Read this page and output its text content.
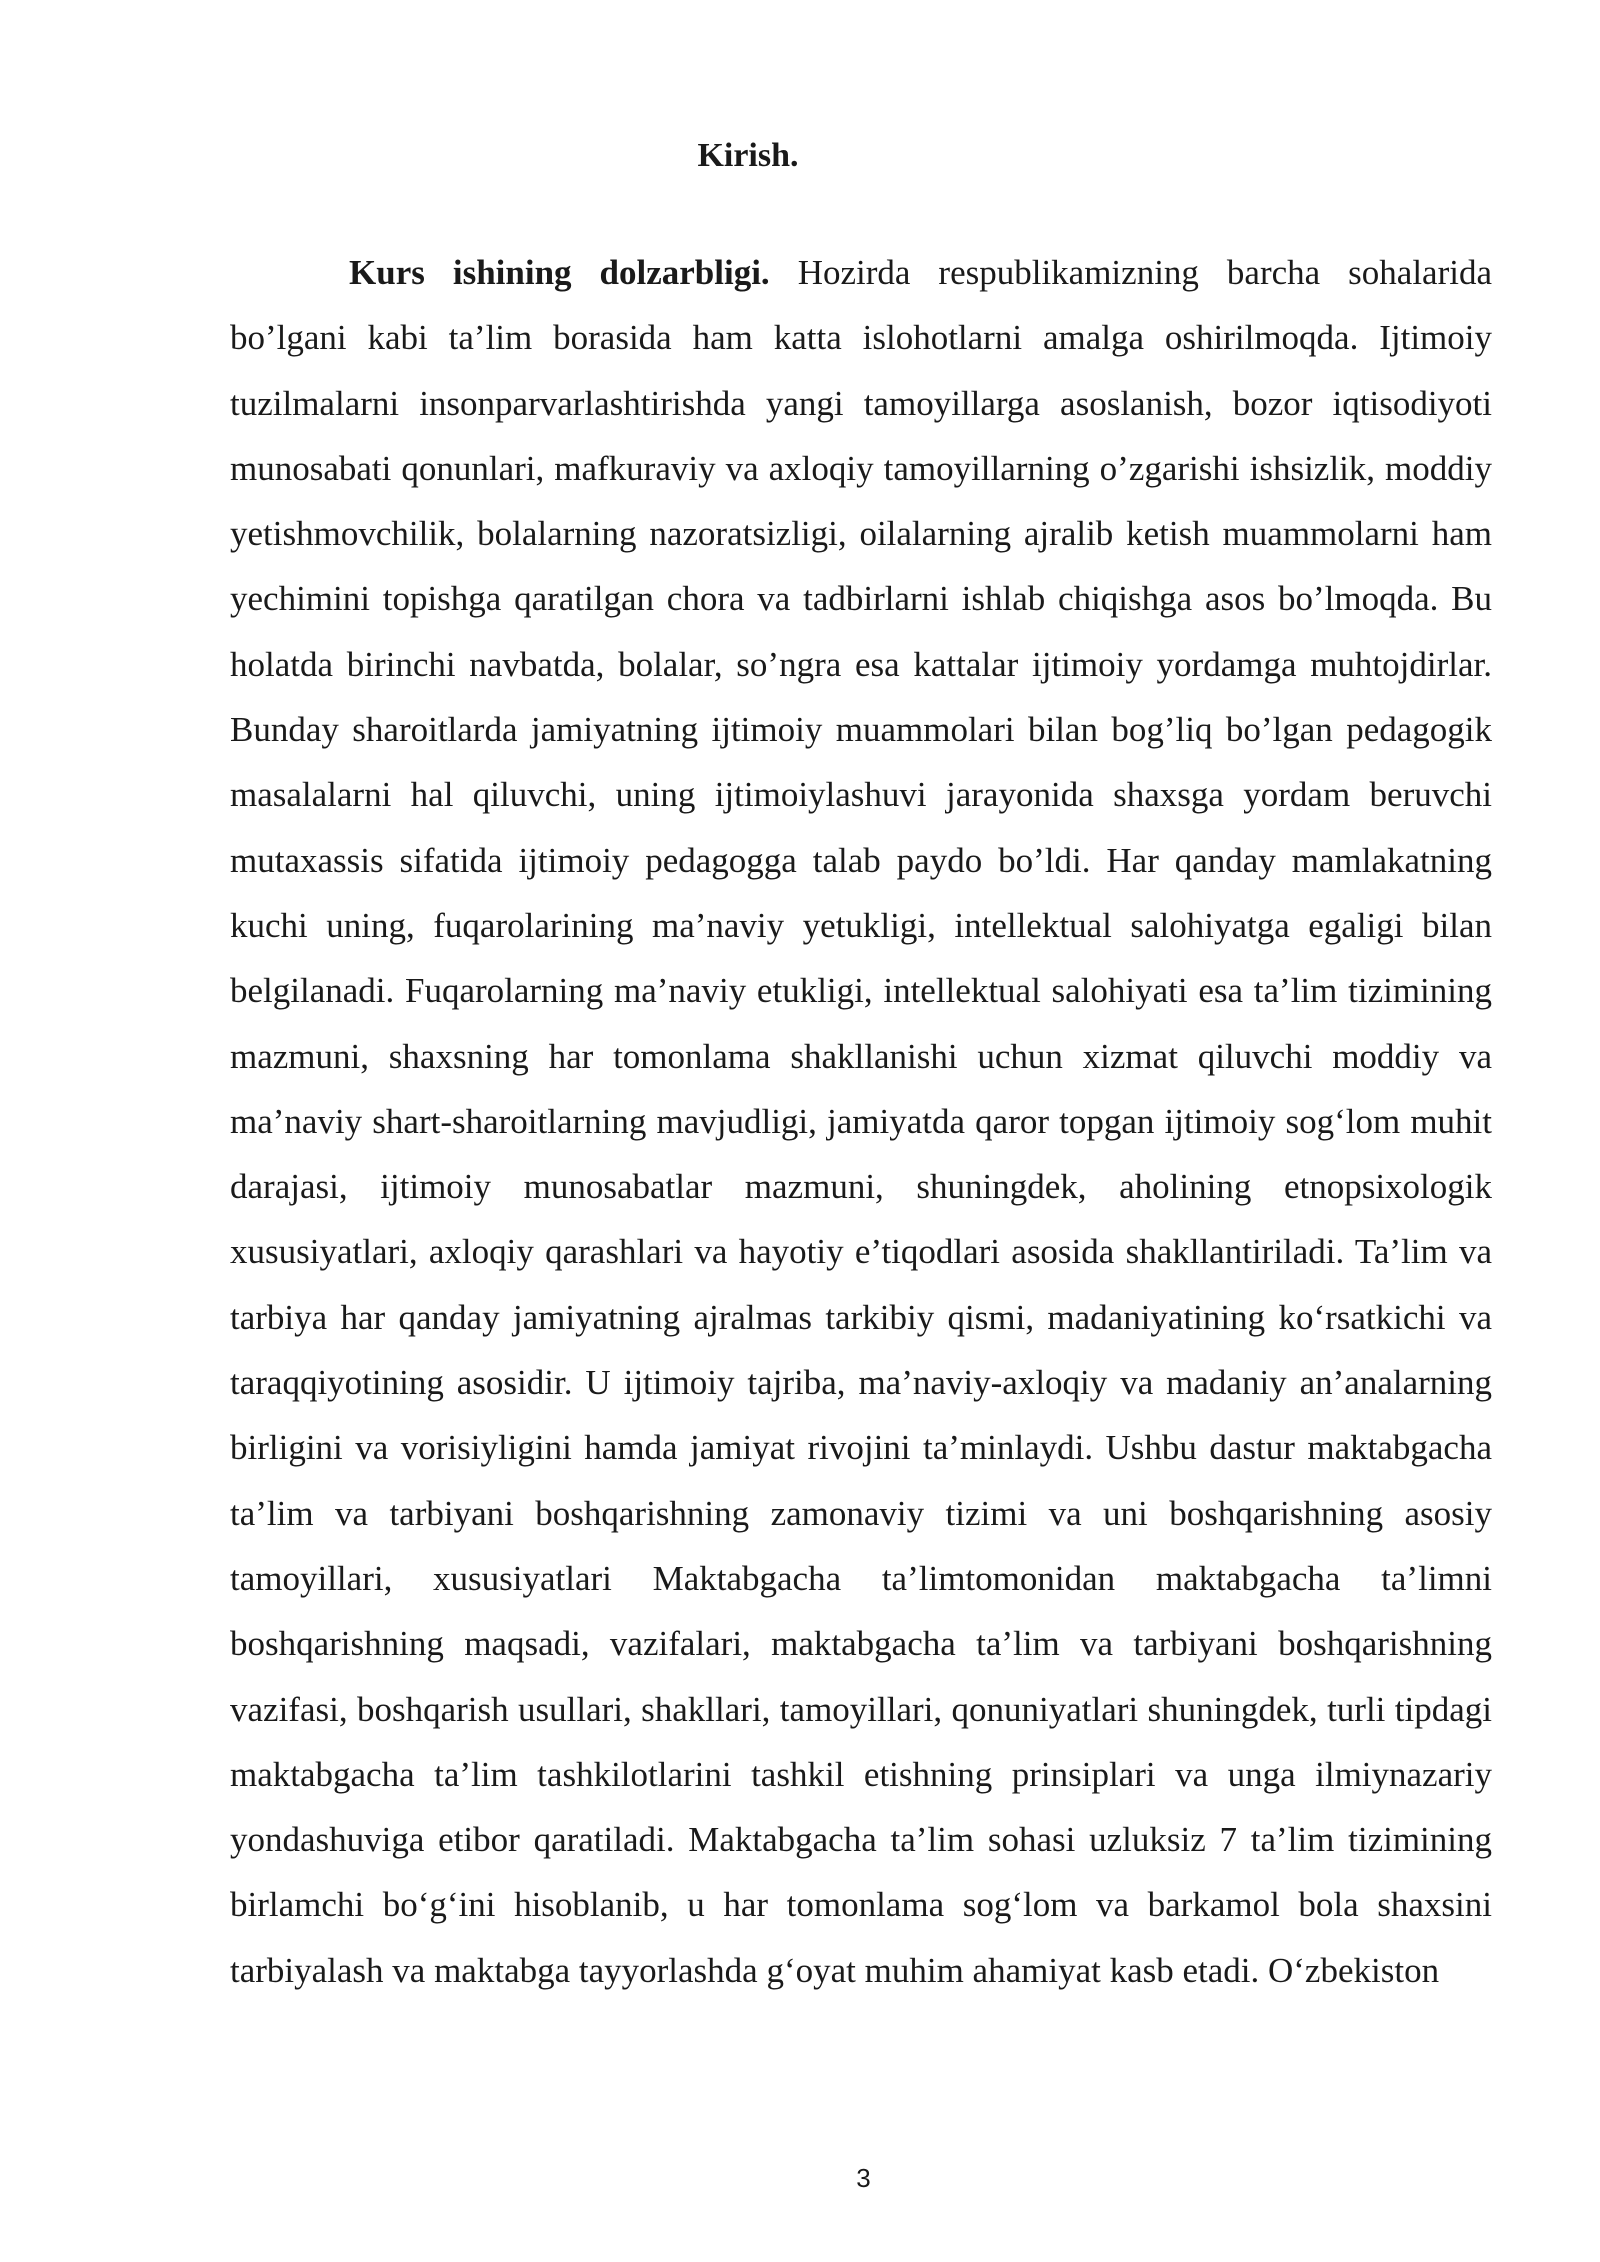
Kirish.

Kurs ishining dolzarbligi. Hozirda respublikamizning barcha sohalarida bo’lgani kabi ta’lim borasida ham katta islohotlarni amalga oshirilmoqda. Ijtimoiy tuzilmalarni insonparvarlashtirishda yangi tamoyillarga asoslanish, bozor iqtisodiyoti munosabati qonunlari, mafkuraviy va axloqiy tamoyillarning o’zgarishi ishsizlik, moddiy yetishmovchilik, bolalarning nazoratsizligi, oilalarning ajralib ketish muammolarni ham yechimini topishga qaratilgan chora va tadbirlarni ishlab chiqishga asos bo’lmoqda. Bu holatda birinchi navbatda, bolalar, so’ngra esa kattalar ijtimoiy yordamga muhtojdirlar. Bunday sharoitlarda jamiyatning ijtimoiy muammolari bilan bog’liq bo’lgan pedagogik masalalarni hal qiluvchi, uning ijtimoiylashuvi jarayonida shaxsga yordam beruvchi mutaxassis sifatida ijtimoiy pedagogga talab paydo bo’ldi. Har qanday mamlakatning kuchi uning, fuqarolarining ma’naviy yetukligi, intellektual salohiyatga egaligi bilan belgilanadi. Fuqarolarning ma’naviy etukligi, intellektual salohiyati esa ta’lim tizimining mazmuni, shaxsning har tomonlama shakllanishi uchun xizmat qiluvchi moddiy va ma’naviy shart-sharoitlarning mavjudligi, jamiyatda qaror topgan ijtimoiy sog‘lom muhit darajasi, ijtimoiy munosabatlar mazmuni, shuningdek, aholining etnopsixologik xususiyatlari, axloqiy qarashlari va hayotiy e’tiqodlari asosida shakllantiriladi. Ta’lim va tarbiya har qanday jamiyatning ajralmas tarkibiy qismi, madaniyatining ko‘rsatkichi va taraqqiyotining asosidir. U ijtimoiy tajriba, ma’naviy-axloqiy va madaniy an’analarning birligini va vorisiyligini hamda jamiyat rivojini ta’minlaydi. Ushbu dastur maktabgacha ta’lim va tarbiyani boshqarishning zamonaviy tizimi va uni boshqarishning asosiy tamoyillari, xususiyatlari Maktabgacha ta’limtomonidan maktabgacha ta’limni boshqarishning maqsadi, vazifalari, maktabgacha ta’lim va tarbiyani boshqarishning vazifasi, boshqarish usullari, shakllari, tamoyillari, qonuniyatlari shuningdek, turli tipdagi maktabgacha ta’lim tashkilotlarini tashkil etishning prinsiplari va unga ilmiynazariy yondashuviga etibor qaratiladi. Maktabgacha ta’lim sohasi uzluksiz 7 ta’lim tizimining birlamchi bo‘g‘ini hisoblanib, u har tomonlama sog‘lom va barkamol bola shaxsini tarbiyalash va maktabga tayyorlashda g‘oyat muhim ahamiyat kasb etadi. O‘zbekiston

3
